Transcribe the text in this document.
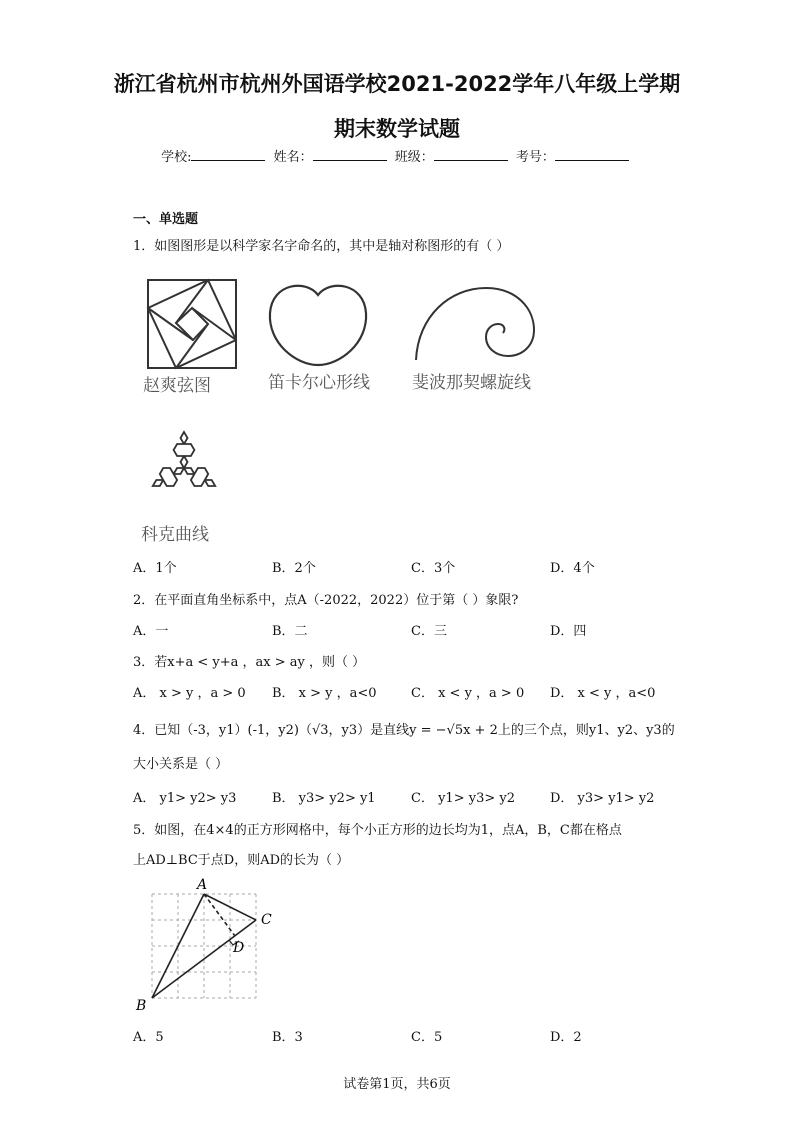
浙江省杭州市杭州外国语学校2021-2022学年八年级上学期
期末数学试题
学校:	姓名：	班级：	考号：
一、单选题
1．如图图形是以科学家名字命名的，其中是轴对称图形的有（ ）
赵爽弦图	笛卡尔心形线 斐波那契螺旋线
科克曲线
A．1个	B．2个	C．3个	D．4个
2．在平面直角坐标系中，点A（-2022，2022）位于第（ ）象限?
A．一	B．二	C．三	D．四
3．若x+a < y+a ，ax > ay ，则（ ）
A． x > y ，a > 0 B． x > y ，a<0	C． x < y ，a > 0 D． x < y ，a<0
4．已知（-3，y1）(-1，y2)（√3，y3）是直线y = −√5x + 2上的三个点，则y1、y2、y3的
大小关系是（ ）
A． y1> y2> y3	B． y3> y2> y1	C． y1> y3> y2	D． y3> y1> y2
5．如图，在4×4的正方形网格中，每个小正方形的边长均为1，点A，B，C都在格点
上AD⊥BC于点D，则AD的长为（ ）
A
C
D
B
A．5	B．3	C．5	D．2
试卷第1页，共6页
